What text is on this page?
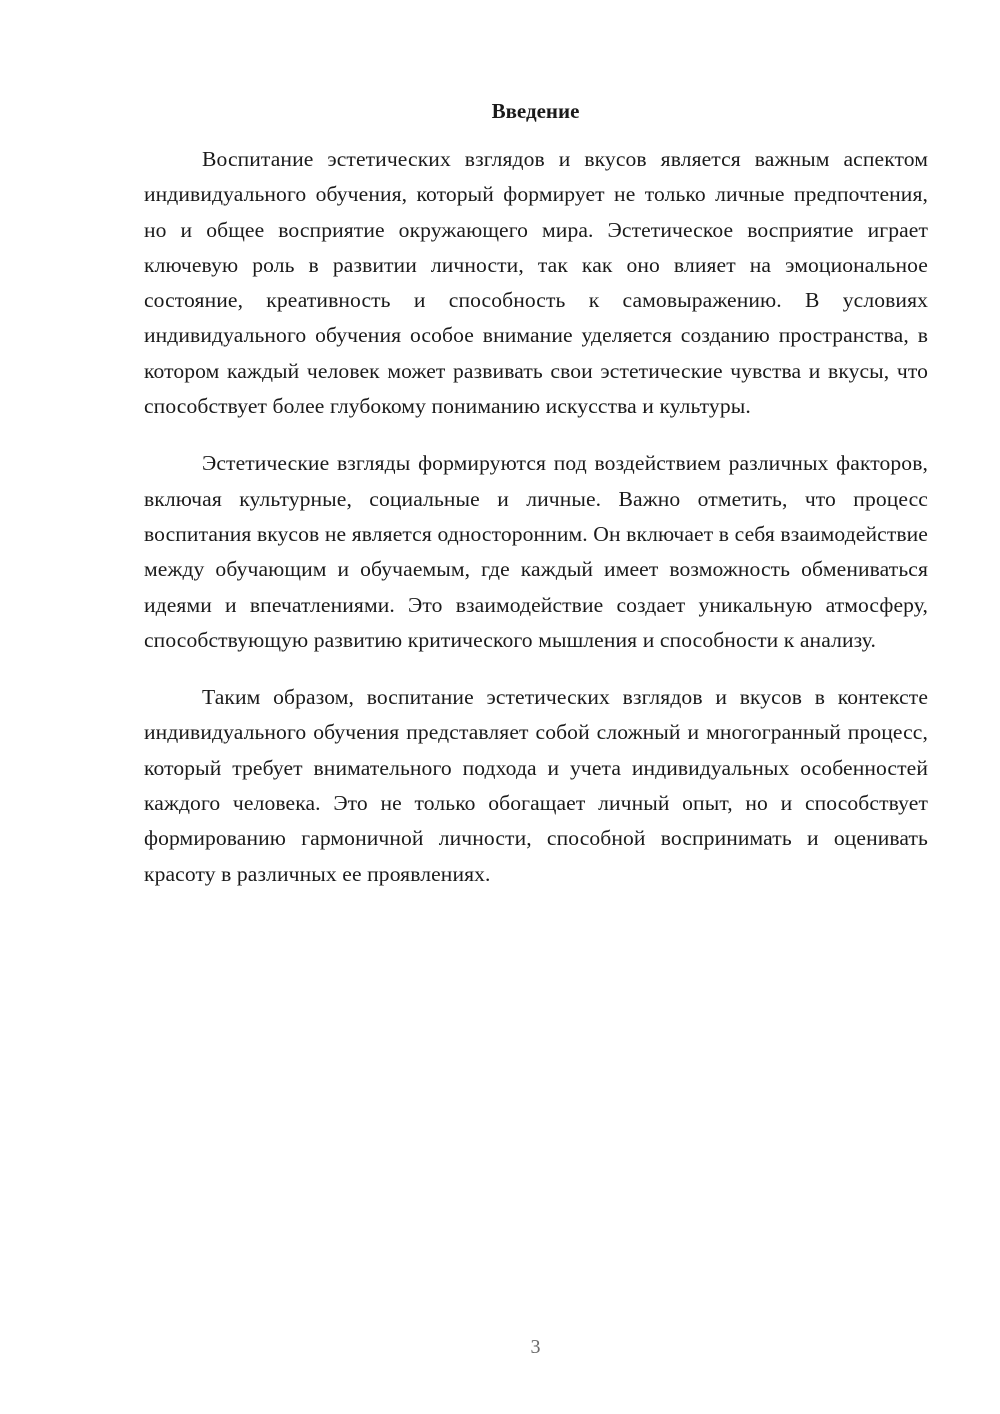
Введение

Воспитание эстетических взглядов и вкусов является важным аспектом индивидуального обучения, который формирует не только личные предпочтения, но и общее восприятие окружающего мира. Эстетическое восприятие играет ключевую роль в развитии личности, так как оно влияет на эмоциональное состояние, креативность и способность к самовыражению. В условиях индивидуального обучения особое внимание уделяется созданию пространства, в котором каждый человек может развивать свои эстетические чувства и вкусы, что способствует более глубокому пониманию искусства и культуры.

Эстетические взгляды формируются под воздействием различных факторов, включая культурные, социальные и личные. Важно отметить, что процесс воспитания вкусов не является односторонним. Он включает в себя взаимодействие между обучающим и обучаемым, где каждый имеет возможность обмениваться идеями и впечатлениями. Это взаимодействие создает уникальную атмосферу, способствующую развитию критического мышления и способности к анализу.

Таким образом, воспитание эстетических взглядов и вкусов в контексте индивидуального обучения представляет собой сложный и многогранный процесс, который требует внимательного подхода и учета индивидуальных особенностей каждого человека. Это не только обогащает личный опыт, но и способствует формированию гармоничной личности, способной воспринимать и оценивать красоту в различных ее проявлениях.

3
